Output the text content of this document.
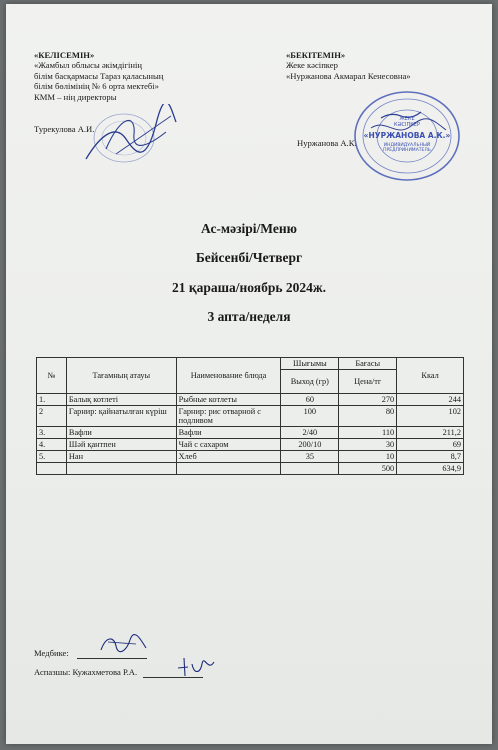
«КЕЛІСЕМІН»
«Жамбыл облысы әкімдігінің
білім басқармасы Тараз қаласының
білім бөлімінің № 6 орта мектебі»
КММ – нің директоры
Турекулова А.И.
«БЕКІТЕМІН»
Жеке кәсіпкер
«Нуржанова Акмарал Кенесовна»
Нуржанова А.К.
ЖЕКЕ
КӘСІПКЕР
«НУРЖАНОВА А.К.»
ИНДИВИДУАЛЬНЫЙ
ПРЕДПРИНИМАТЕЛЬ
Ас-мәзірі/Меню
Бейсенбі/Четверг
21 қараша/ноябрь 2024ж.
3 апта/неделя
№	Тағамның атауы	Наименование блюда	Шығымы	Бағасы	Ккал
			Выход (гр)	Цена/тг	
1.	Балық котлеті	Рыбные котлеты	60	270	244
2	Гарнир: қайнатылған күріш	Гарнир: рис отварной с подливом	100	80	102
3.	Вафли	Вафли	2/40	110	211,2
4.	Шәй қантпен	Чай с сахаром	200/10	30	69
5.	Нан	Хлеб	35	10	8,7
				500	634,9
Медбике:
Аспазшы: Кужахметова Р.А.
